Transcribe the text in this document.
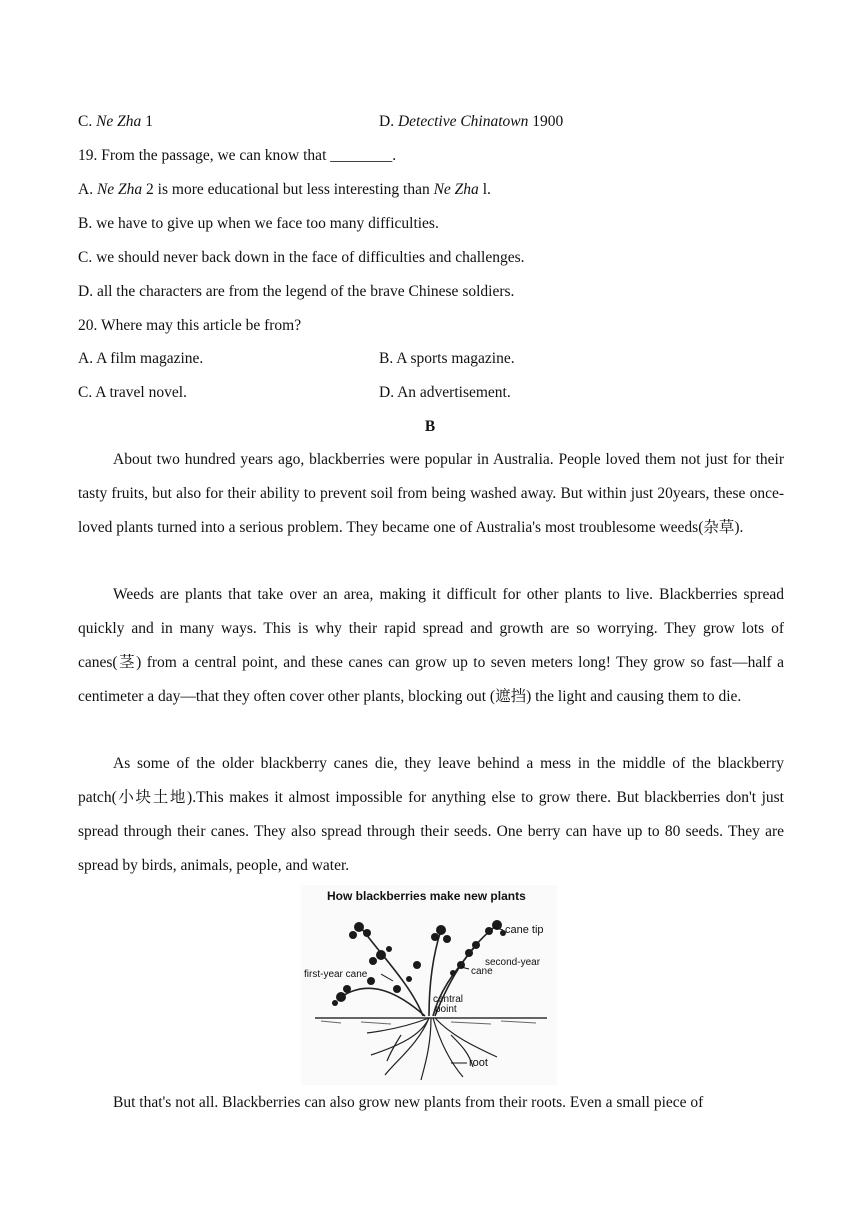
C. Ne Zha 1	D. Detective Chinatown 1900
19. From the passage, we can know that ________.
A. Ne Zha 2 is more educational but less interesting than Ne Zha l.
B. we have to give up when we face too many difficulties.
C. we should never back down in the face of difficulties and challenges.
D. all the characters are from the legend of the brave Chinese soldiers.
20. Where may this article be from?
A. A film magazine.	B. A sports magazine.
C. A travel novel.	D. An advertisement.
B

About two hundred years ago, blackberries were popular in Australia. People loved them not just for their tasty fruits, but also for their ability to prevent soil from being washed away. But within just 20years, these once-loved plants turned into a serious problem. They became one of Australia's most troublesome weeds(杂草).

Weeds are plants that take over an area, making it difficult for other plants to live. Blackberries spread quickly and in many ways. This is why their rapid spread and growth are so worrying. They grow lots of canes(茎) from a central point, and these canes can grow up to seven meters long! They grow so fast—half a centimeter a day—that they often cover other plants, blocking out (遮挡) the light and causing them to die.

As some of the older blackberry canes die, they leave behind a mess in the middle of the blackberry patch(小块土地).This makes it almost impossible for anything else to grow there. But blackberries don't just spread through their canes. They also spread through their seeds. One berry can have up to 80 seeds. They are spread by birds, animals, people, and water.

How blackberries make new plants
cane tip
second-year
cane
first-year cane
central
point
root
But that's not all. Blackberries can also grow new plants from their roots. Even a small piece of
